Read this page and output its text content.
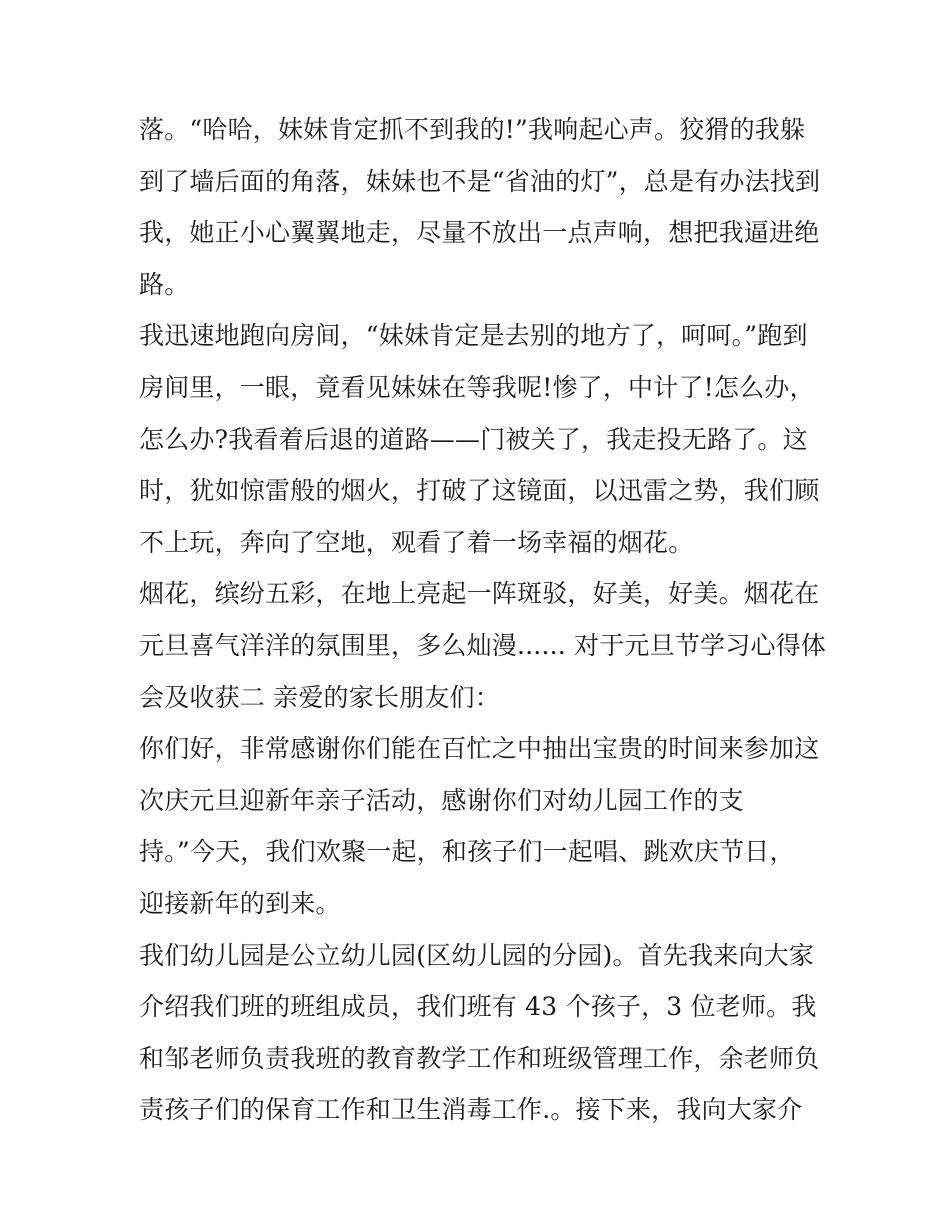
落。“哈哈，妹妹肯定抓不到我的!”我响起心声。狡猾的我躲
到了墙后面的角落，妹妹也不是“省油的灯”，总是有办法找到
我，她正小心翼翼地走，尽量不放出一点声响，想把我逼进绝
路。
我迅速地跑向房间，“妹妹肯定是去别的地方了，呵呵。”跑到
房间里，一眼，竟看见妹妹在等我呢!惨了，中计了!怎么办，
怎么办?我看着后退的道路——门被关了，我走投无路了。这
时，犹如惊雷般的烟火，打破了这镜面，以迅雷之势，我们顾
不上玩，奔向了空地，观看了着一场幸福的烟花。
烟花，缤纷五彩，在地上亮起一阵斑驳，好美，好美。烟花在
元旦喜气洋洋的氛围里，多么灿漫...... 对于元旦节学习心得体
会及收获二 亲爱的家长朋友们：
你们好，非常感谢你们能在百忙之中抽出宝贵的时间来参加这
次庆元旦迎新年亲子活动，感谢你们对幼儿园工作的支
持。”今天，我们欢聚一起，和孩子们一起唱、跳欢庆节日，
迎接新年的到来。
我们幼儿园是公立幼儿园(区幼儿园的分园)。首先我来向大家
介绍我们班的班组成员，我们班有 43 个孩子，3 位老师。我
和邹老师负责我班的教育教学工作和班级管理工作，余老师负
责孩子们的保育工作和卫生消毒工作.。接下来，我向大家介
